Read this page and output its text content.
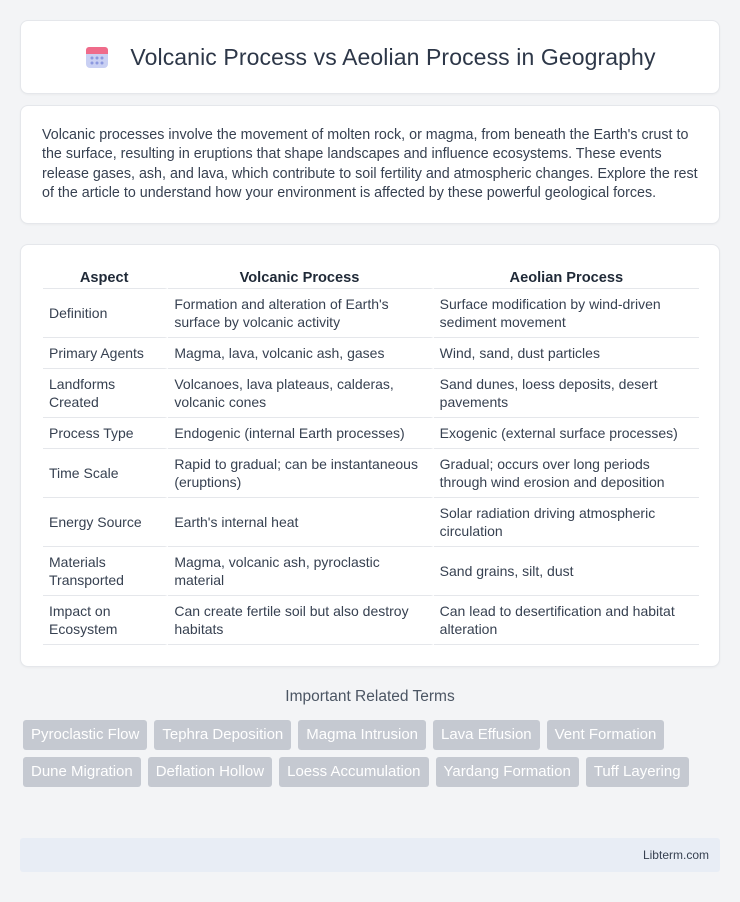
Volcanic Process vs Aeolian Process in Geography

Volcanic processes involve the movement of molten rock, or magma, from beneath the Earth's crust to the surface, resulting in eruptions that shape landscapes and influence ecosystems. These events release gases, ash, and lava, which contribute to soil fertility and atmospheric changes. Explore the rest of the article to understand how your environment is affected by these powerful geological forces.

Aspect	Volcanic Process	Aeolian Process
Definition	Formation and alteration of Earth's surface by volcanic activity	Surface modification by wind-driven sediment movement
Primary Agents	Magma, lava, volcanic ash, gases	Wind, sand, dust particles
Landforms Created	Volcanoes, lava plateaus, calderas, volcanic cones	Sand dunes, loess deposits, desert pavements
Process Type	Endogenic (internal Earth processes)	Exogenic (external surface processes)
Time Scale	Rapid to gradual; can be instantaneous (eruptions)	Gradual; occurs over long periods through wind erosion and deposition
Energy Source	Earth's internal heat	Solar radiation driving atmospheric circulation
Materials Transported	Magma, volcanic ash, pyroclastic material	Sand grains, silt, dust
Impact on Ecosystem	Can create fertile soil but also destroy habitats	Can lead to desertification and habitat alteration
Important Related Terms
Pyroclastic Flow	Tephra Deposition	Magma Intrusion	Lava Effusion	Vent Formation
Dune Migration	Deflation Hollow	Loess Accumulation	Yardang Formation	Tuff Layering
Libterm.com
